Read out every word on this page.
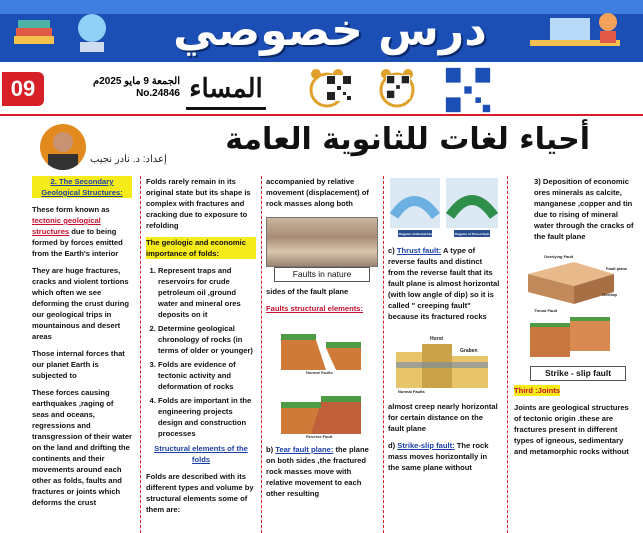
درس خصوصي
09	الجمعة 9 مايو 2025م
No.24846 المساء
إعداد: د. نادر نجيب
أحياء لغات للثانوية العامة
2. The Secondary Geological Structures:
These form known as tectonic geological structures due to being formed by forces emitted from the Earth's interior
They are huge fractures, cracks and violent tortions which often we see deforming the crust during our geological trips in mountainous and desert areas
Those internal forces that our planet Earth is subjected to
These forces causing earthquakes ,raging of seas and oceans, regressions and transgression of their water on the land and drifting the continents and their movements around each other as folds, faults and fractures or joints which deforms the crust
Folds rarely remain in its original state but its shape is complex with fractures and cracking due to exposure to refolding
The geologic and economic importance of folds:
1. Represent traps and reservoirs for crude petroleum oil ,ground water and mineral ores deposits on it
2. Determine geological chronology of rocks (in terms of older or younger)
3. Folds are evidence of tectonic activity and deformation of rocks
4. Folds are important in the engineering projects design and construction processes
Structural elements of the folds
Folds are described with its different types and volume by structural elements some of them are:
accompanied by relative movement (displacement) of rock masses along both
Faults in nature
sides of the fault plane
Faults structural elements:
Normal Faults

Reverse Fault
b) Tear fault plane: the plane on both sides ,the fractured rock masses move with relative movement to each other resulting
Diagram of Normal Fault	Diagram of Thrust Fault
c) Thrust fault: A type of reverse faults and distinct from the reverse fault that its fault plane is almost horizontal (with low angle of dip) so it is called " creeping fault" because its fractured rocks
Horst
Graben
Normal Faults
almost creep nearly horizontal for certain distance on the fault plane
d) Strike-slip fault: The rock mass moves horizontally in the same plane without
3) Deposition of economic ores minerals as calcite, manganese ,copper and tin due to rising of mineral water through the cracks of the fault plane
Overlying Fault
Thrust Fault
Overlap
Fault plane

Strike - slip fault
Third :Joints
Joints are geological structures of tectonic origin .these are fractures present in different types of igneous, sedimentary and metamorphic rocks without
